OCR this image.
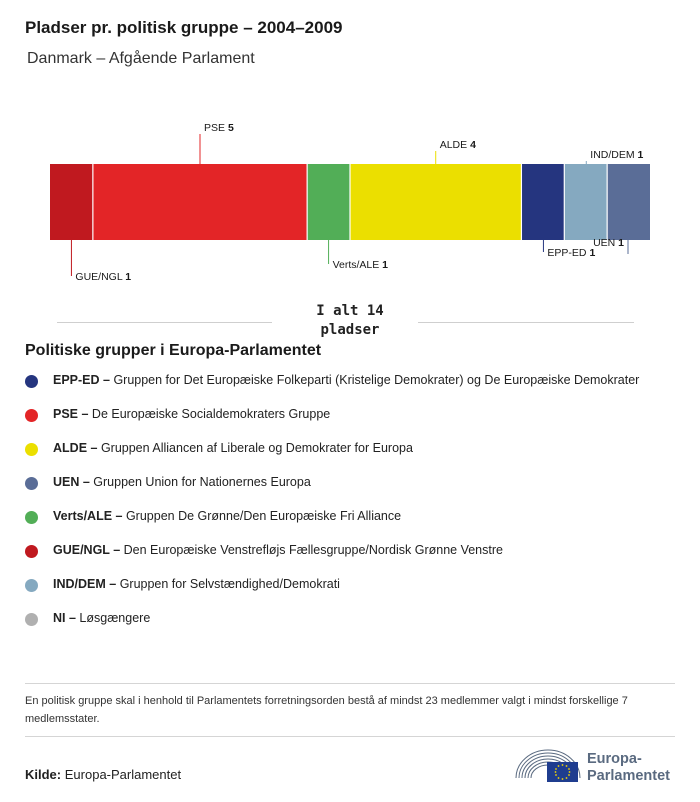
Pladser pr. politisk gruppe – 2004–2009
Danmark – Afgående Parlament
GUE/NGL 1
PSE 5
Verts/ALE 1
ALDE 4
EPP-ED 1
IND/DEM 1
UEN 1
I alt 14
pladser
Politiske grupper i Europa-Parlamentet
EPP-ED – Gruppen for Det Europæiske Folkeparti (Kristelige Demokrater) og De Europæiske Demokrater
PSE – De Europæiske Socialdemokraters Gruppe
ALDE – Gruppen Alliancen af Liberale og Demokrater for Europa
UEN – Gruppen Union for Nationernes Europa
Verts/ALE – Gruppen De Grønne/Den Europæiske Fri Alliance
GUE/NGL – Den Europæiske Venstrefløjs Fællesgruppe/Nordisk Grønne Venstre
IND/DEM – Gruppen for Selvstændighed/Demokrati
NI – Løsgængere
En politisk gruppe skal i henhold til Parlamentets forretningsorden bestå af mindst 23 medlemmer valgt i mindst forskellige 7 medlemsstater.
Kilde: Europa-Parlamentet
Europa-
Parlamentet
